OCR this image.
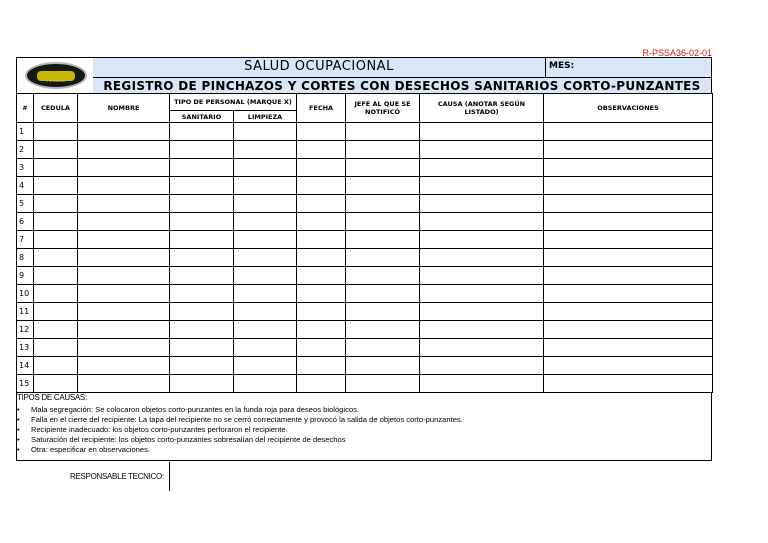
R-PSSA36-02-01
Fundación
SALUD OCUPACIONAL	MES:
REGISTRO DE PINCHAZOS Y CORTES CON DESECHOS SANITARIOS CORTO-PUNZANTES
#	CEDULA	NOMBRE	TIPO DE PERSONAL (MARQUE X)		FECHA	JEFE AL QUE SE NOTIFICÓ	CAUSA (ANOTAR SEGÚN LISTADO)	OBSERVACIONES
			SANITARIO	LIMPIEZA				
1								
2								
3								
4								
5								
6								
7								
8								
9								
10								
11								
12								
13								
14								
15								
TIPOS DE CAUSAS:
• Mala segregación: Se colocaron objetos corto-punzantes en la funda roja para deseos biológicos.
• Falla en el cierre del recipiente: La tapa del recipiente no se cerró correctamente y provocó la salida de objetos corto-punzantes.
• Recipiente inadecuado: los objetos corto-punzantes perforaron el recipiente.
• Saturación del recipiente: los objetos corto-punzantes sobresalían del recipiente de desechos
• Otra: especificar en observaciones.
RESPONSABLE TECNICO:
